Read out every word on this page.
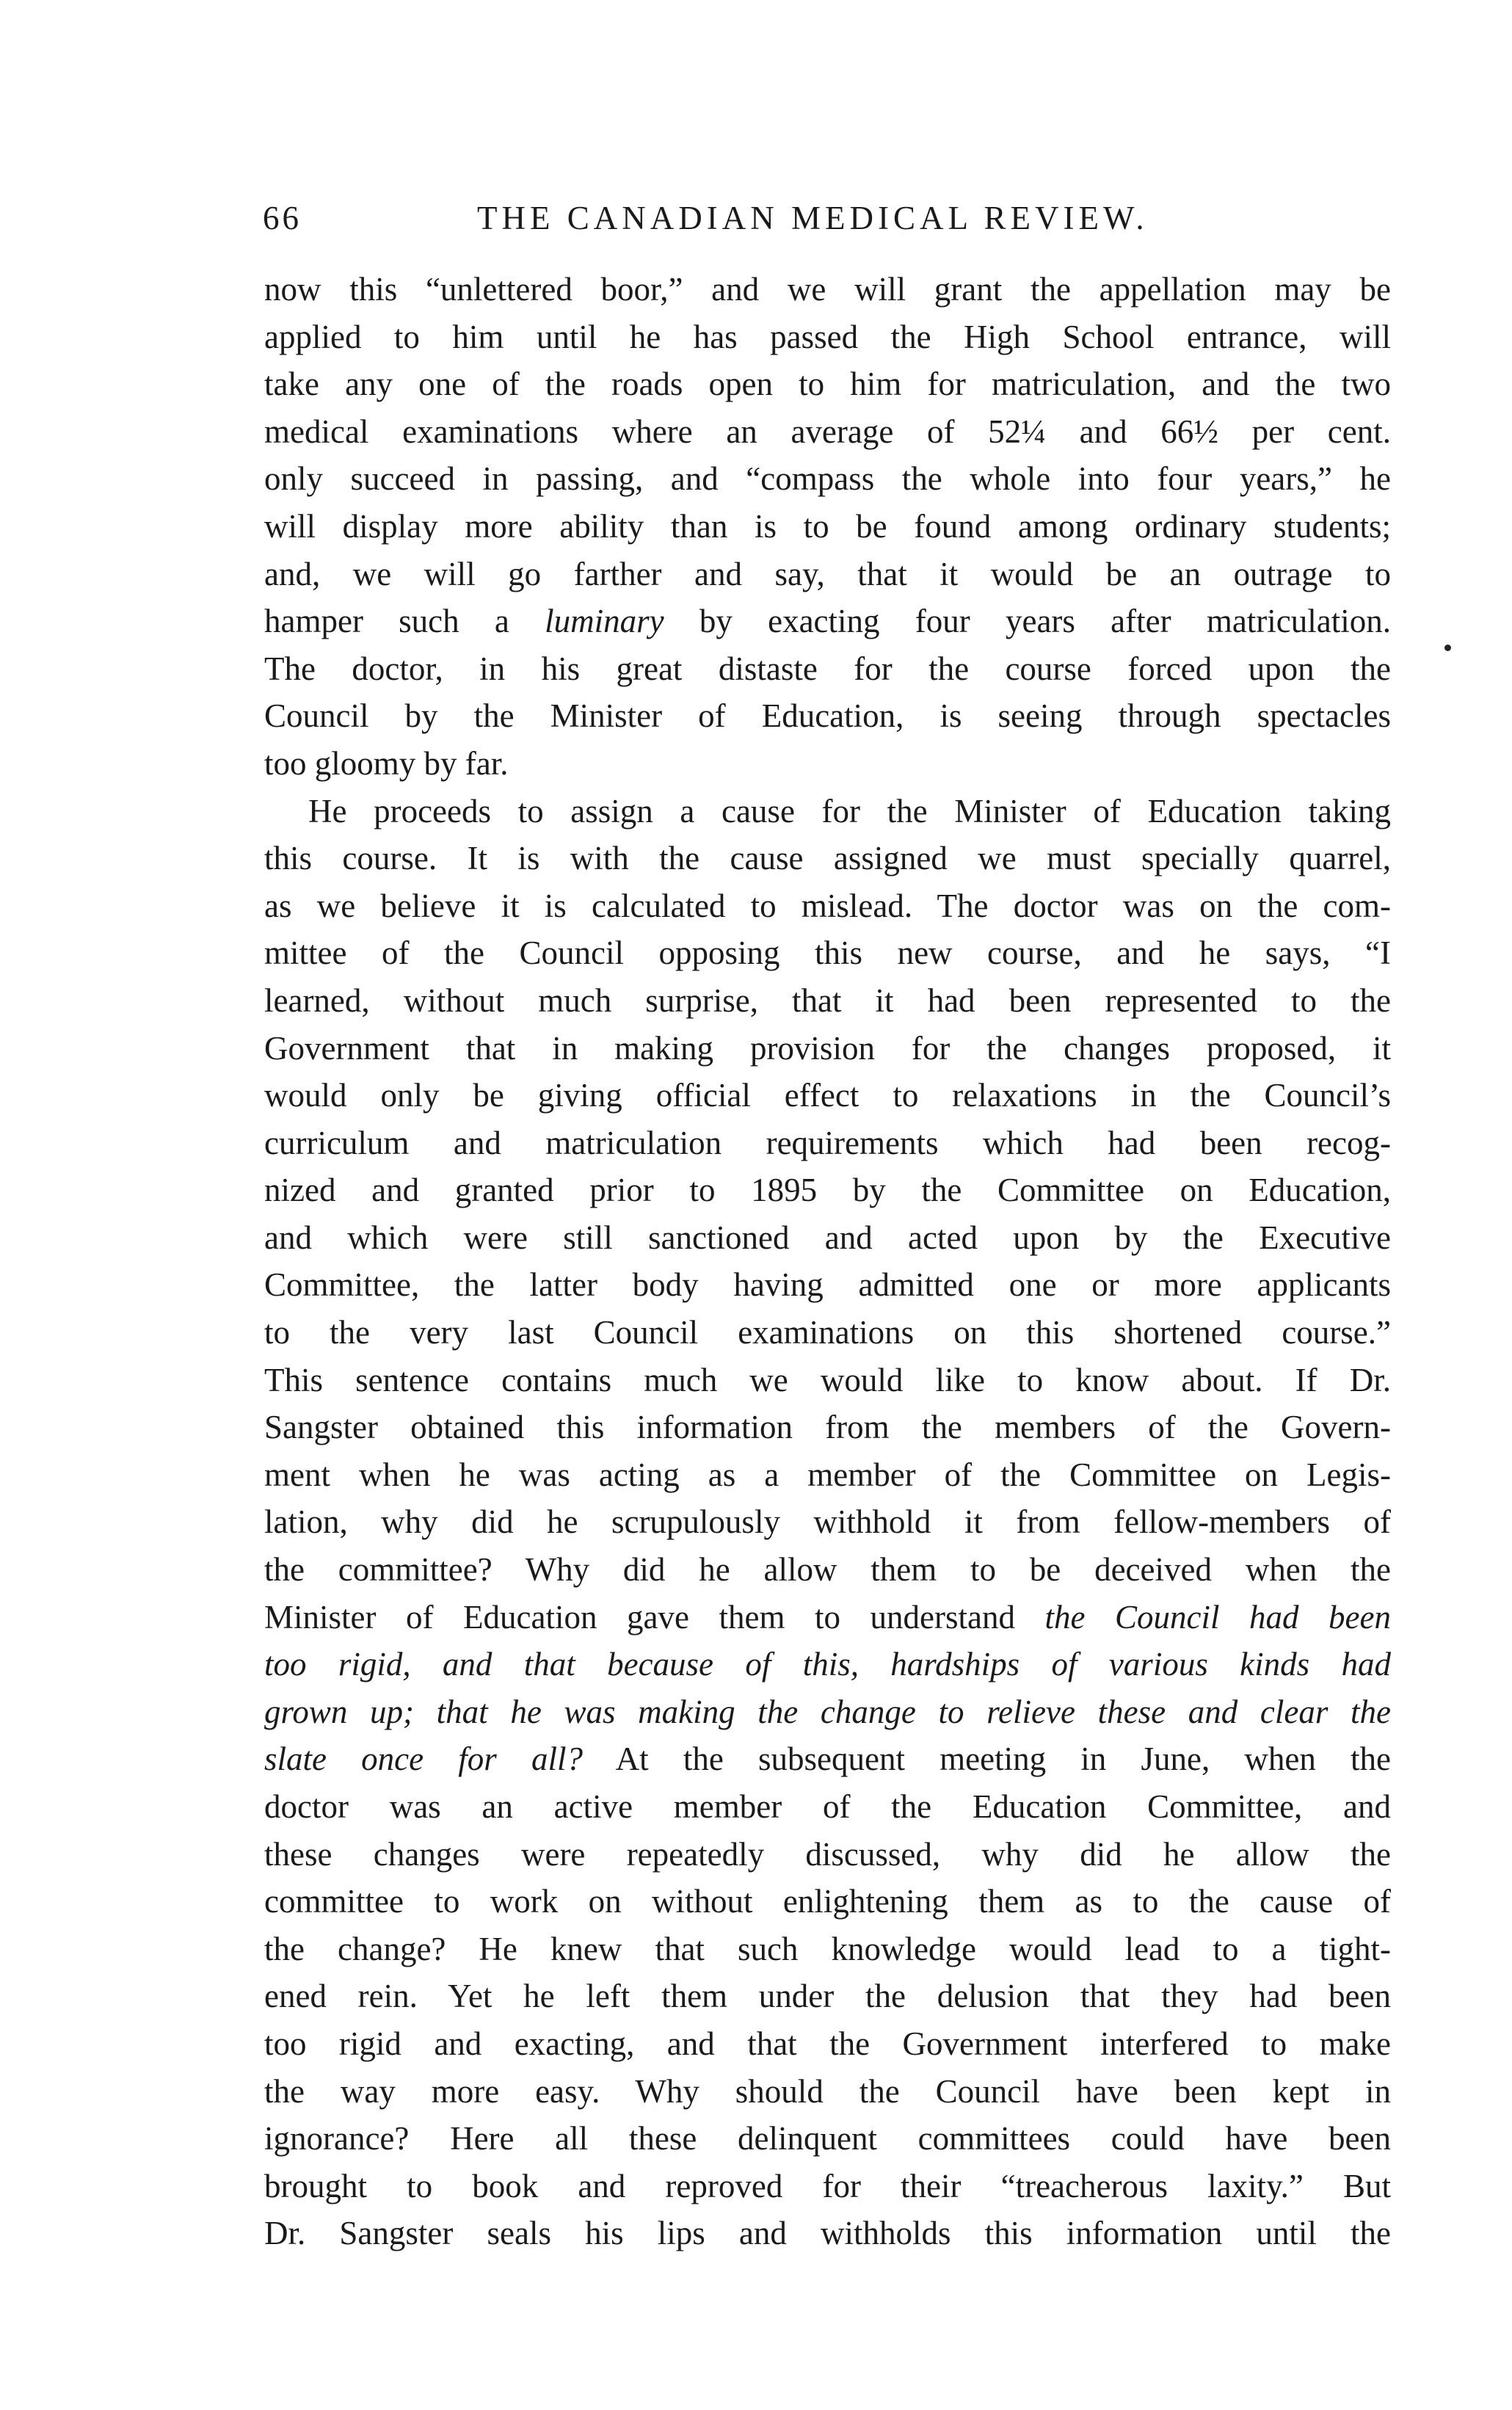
66	THE CANADIAN MEDICAL REVIEW.
now this “unlettered boor,” and we will grant the appellation may be
applied to him until he has passed the High School entrance, will
take any one of the roads open to him for matriculation, and the two
medical examinations where an average of 52¼ and 66½ per cent.
only succeed in passing, and “compass the whole into four years,” he
will display more ability than is to be found among ordinary students;
and, we will go farther and say, that it would be an outrage to
hamper such a luminary by exacting four years after matriculation.
The doctor, in his great distaste for the course forced upon the
Council by the Minister of Education, is seeing through spectacles
too gloomy by far.
He proceeds to assign a cause for the Minister of Education taking
this course. It is with the cause assigned we must specially quarrel,
as we believe it is calculated to mislead. The doctor was on the com-
mittee of the Council opposing this new course, and he says, “I
learned, without much surprise, that it had been represented to the
Government that in making provision for the changes proposed, it
would only be giving official effect to relaxations in the Council’s
curriculum and matriculation requirements which had been recog-
nized and granted prior to 1895 by the Committee on Education,
and which were still sanctioned and acted upon by the Executive
Committee, the latter body having admitted one or more applicants
to the very last Council examinations on this shortened course.”
This sentence contains much we would like to know about. If Dr.
Sangster obtained this information from the members of the Govern-
ment when he was acting as a member of the Committee on Legis-
lation, why did he scrupulously withhold it from fellow-members of
the committee? Why did he allow them to be deceived when the
Minister of Education gave them to understand the Council had been
too rigid, and that because of this, hardships of various kinds had
grown up; that he was making the change to relieve these and clear the
slate once for all? At the subsequent meeting in June, when the
doctor was an active member of the Education Committee, and
these changes were repeatedly discussed, why did he allow the
committee to work on without enlightening them as to the cause of
the change? He knew that such knowledge would lead to a tight-
ened rein. Yet he left them under the delusion that they had been
too rigid and exacting, and that the Government interfered to make
the way more easy. Why should the Council have been kept in
ignorance? Here all these delinquent committees could have been
brought to book and reproved for their “treacherous laxity.” But
Dr. Sangster seals his lips and withholds this information until the
